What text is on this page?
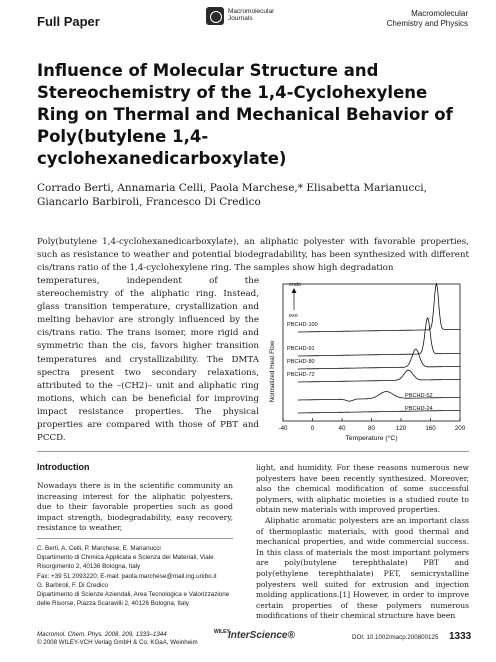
Full Paper
Macromolecular
Journals
Macromolecular
Chemistry and Physics
Influence of Molecular Structure and Stereochemistry of the 1,4-Cyclohexylene Ring on Thermal and Mechanical Behavior of Poly(butylene 1,4-cyclohexanedicarboxylate)
Corrado Berti, Annamaria Celli, Paola Marchese,* Elisabetta Marianucci,
Giancarlo Barbiroli, Francesco Di Credico

Poly(butylene 1,4-cyclohexanedicarboxylate), an aliphatic polyester with favorable properties, such as resistance to weather and potential biodegradability, has been synthesized with different cis/trans ratio of the 1,4-cyclohexylene ring. The samples show high degradation

temperatures, independent of the stereochemistry of the aliphatic ring. Instead, glass transition temperature, crystallization and melting behavior are strongly influenced by the cis/trans ratio. The trans isomer, more rigid and symmetric than the cis, favors higher transition temperatures and crystallizability. The DMTA spectra present two secondary relaxations, attributed to the –(CH2)– unit and aliphatic ring motions, which can be beneficial for improving impact resistance properties. The physical properties are compared with those of PBT and PCCD.

-40	0	40	80	120	160	200
Temperature (°C)
Normalized Heat Flow
endo
exo
PBCHD-100
PBCHD-91
PBCHD-80
PBCHD-72
PBCHD-52
PBCHD-24
Introduction

Nowadays there is in the scientific community an increasing interest for the aliphatic polyesters, due to their favorable properties such as good impact strength, biodegradability, easy recovery, resistance to weather,

light, and humidity. For these reasons numerous new polyesters have been recently synthesized. Moreover, also the chemical modification of some successful polymers, with aliphatic moieties is a studied route to obtain new materials with improved properties.

Aliphatic aromatic polyesters are an important class of thermoplastic materials, with good thermal and mechanical properties, and wide commercial success. In this class of materials the most important polymers are poly(butylene terephthalate) PBT and poly(ethylene terephthalate) PET, semicrystalline polyesters well suited for extrusion and injection molding applications.[1] However, in order to improve certain properties of these polymers numerous modifications of their chemical structure have been

C. Berti, A. Celli, P. Marchese, E. Marianucci
Dipartimento di Chimica Applicata e Scienza dei Materiali, Viale Risorgimento 2, 40136 Bologna, Italy
Fax: +39 51 2093220; E-mail: paola.marchese@mail.ing.unibo.it
G. Barbiroli, F. Di Credico
Dipartimento di Scienze Aziendali, Area Tecnologica e Valorizzazione delle Risorse, Piazza Scaravilli 2, 40126 Bologna, Italy
Macromol. Chem. Phys. 2008, 209, 1333–1344
© 2008 WILEY-VCH Verlag GmbH & Co. KGaA, Weinheim
WILEY
InterScience®	DOI: 10.1002/macp.200800125 1333
